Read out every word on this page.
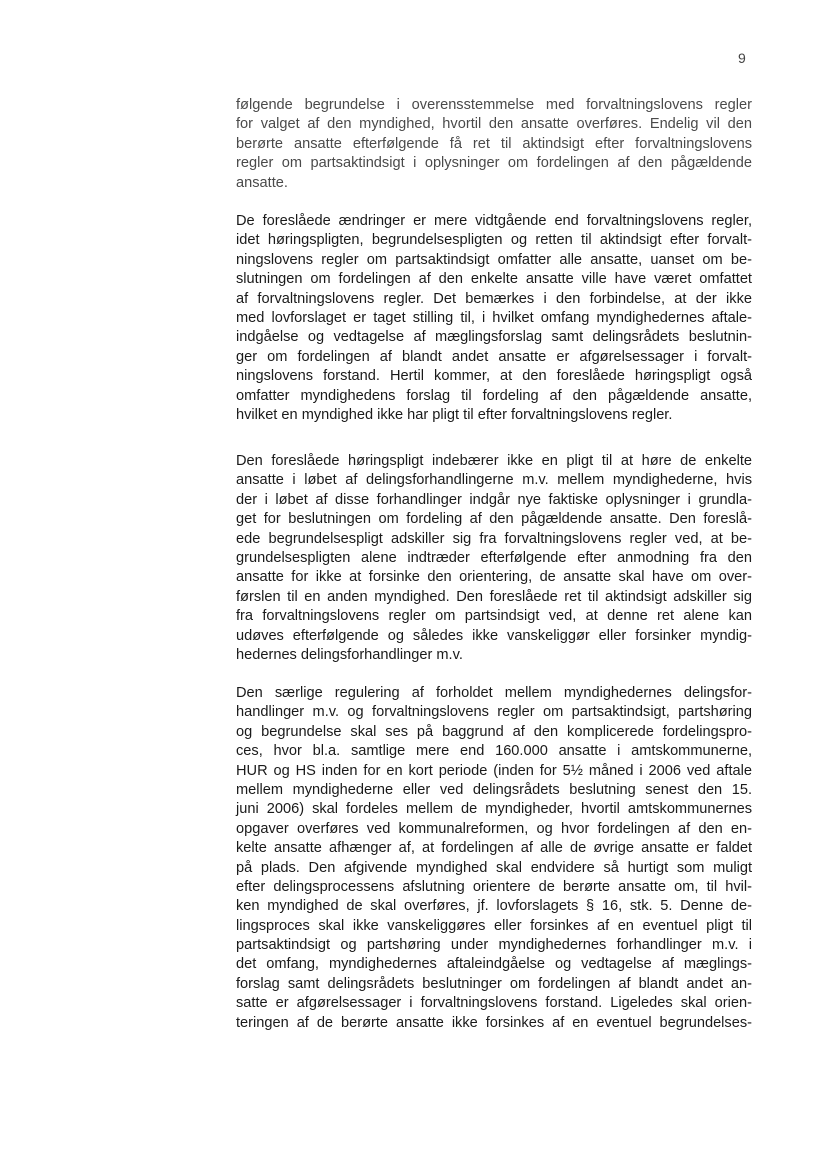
9
følgende begrundelse i overensstemmelse med forvaltningslovens regler
for valget af den myndighed, hvortil den ansatte overføres. Endelig vil den
berørte ansatte efterfølgende få ret til aktindsigt efter forvaltningslovens
regler om partsaktindsigt i oplysninger om fordelingen af den pågældende
ansatte.
De foreslåede ændringer er mere vidtgående end forvaltningslovens regler,
idet høringspligten, begrundelsespligten og retten til aktindsigt efter forvalt-
ningslovens regler om partsaktindsigt omfatter alle ansatte, uanset om be-
slutningen om fordelingen af den enkelte ansatte ville have været omfattet
af forvaltningslovens regler. Det bemærkes i den forbindelse, at der ikke
med lovforslaget er taget stilling til, i hvilket omfang myndighedernes aftale-
indgåelse og vedtagelse af mæglingsforslag samt delingsrådets beslutnin-
ger om fordelingen af blandt andet ansatte er afgørelsessager i forvalt-
ningslovens forstand. Hertil kommer, at den foreslåede høringspligt også
omfatter myndighedens forslag til fordeling af den pågældende ansatte,
hvilket en myndighed ikke har pligt til efter forvaltningslovens regler.
Den foreslåede høringspligt indebærer ikke en pligt til at høre de enkelte
ansatte i løbet af delingsforhandlingerne m.v. mellem myndighederne, hvis
der i løbet af disse forhandlinger indgår nye faktiske oplysninger i grundla-
get for beslutningen om fordeling af den pågældende ansatte. Den foreslå-
ede begrundelsespligt adskiller sig fra forvaltningslovens regler ved, at be-
grundelsespligten alene indtræder efterfølgende efter anmodning fra den
ansatte for ikke at forsinke den orientering, de ansatte skal have om over-
førslen til en anden myndighed. Den foreslåede ret til aktindsigt adskiller sig
fra forvaltningslovens regler om partsindsigt ved, at denne ret alene kan
udøves efterfølgende og således ikke vanskeliggør eller forsinker myndig-
hedernes delingsforhandlinger m.v.
Den særlige regulering af forholdet mellem myndighedernes delingsfor-
handlinger m.v. og forvaltningslovens regler om partsaktindsigt, partshøring
og begrundelse skal ses på baggrund af den komplicerede fordelingspro-
ces, hvor bl.a. samtlige mere end 160.000 ansatte i amtskommunerne,
HUR og HS inden for en kort periode (inden for 5½ måned i 2006 ved aftale
mellem myndighederne eller ved delingsrådets beslutning senest den 15.
juni 2006) skal fordeles mellem de myndigheder, hvortil amtskommunernes
opgaver overføres ved kommunalreformen, og hvor fordelingen af den en-
kelte ansatte afhænger af, at fordelingen af alle de øvrige ansatte er faldet
på plads. Den afgivende myndighed skal endvidere så hurtigt som muligt
efter delingsprocessens afslutning orientere de berørte ansatte om, til hvil-
ken myndighed de skal overføres, jf. lovforslagets § 16, stk. 5. Denne de-
lingsproces skal ikke vanskeliggøres eller forsinkes af en eventuel pligt til
partsaktindsigt og partshøring under myndighedernes forhandlinger m.v. i
det omfang, myndighedernes aftaleindgåelse og vedtagelse af mæglings-
forslag samt delingsrådets beslutninger om fordelingen af blandt andet an-
satte er afgørelsessager i forvaltningslovens forstand. Ligeledes skal orien-
teringen af de berørte ansatte ikke forsinkes af en eventuel begrundelses-
